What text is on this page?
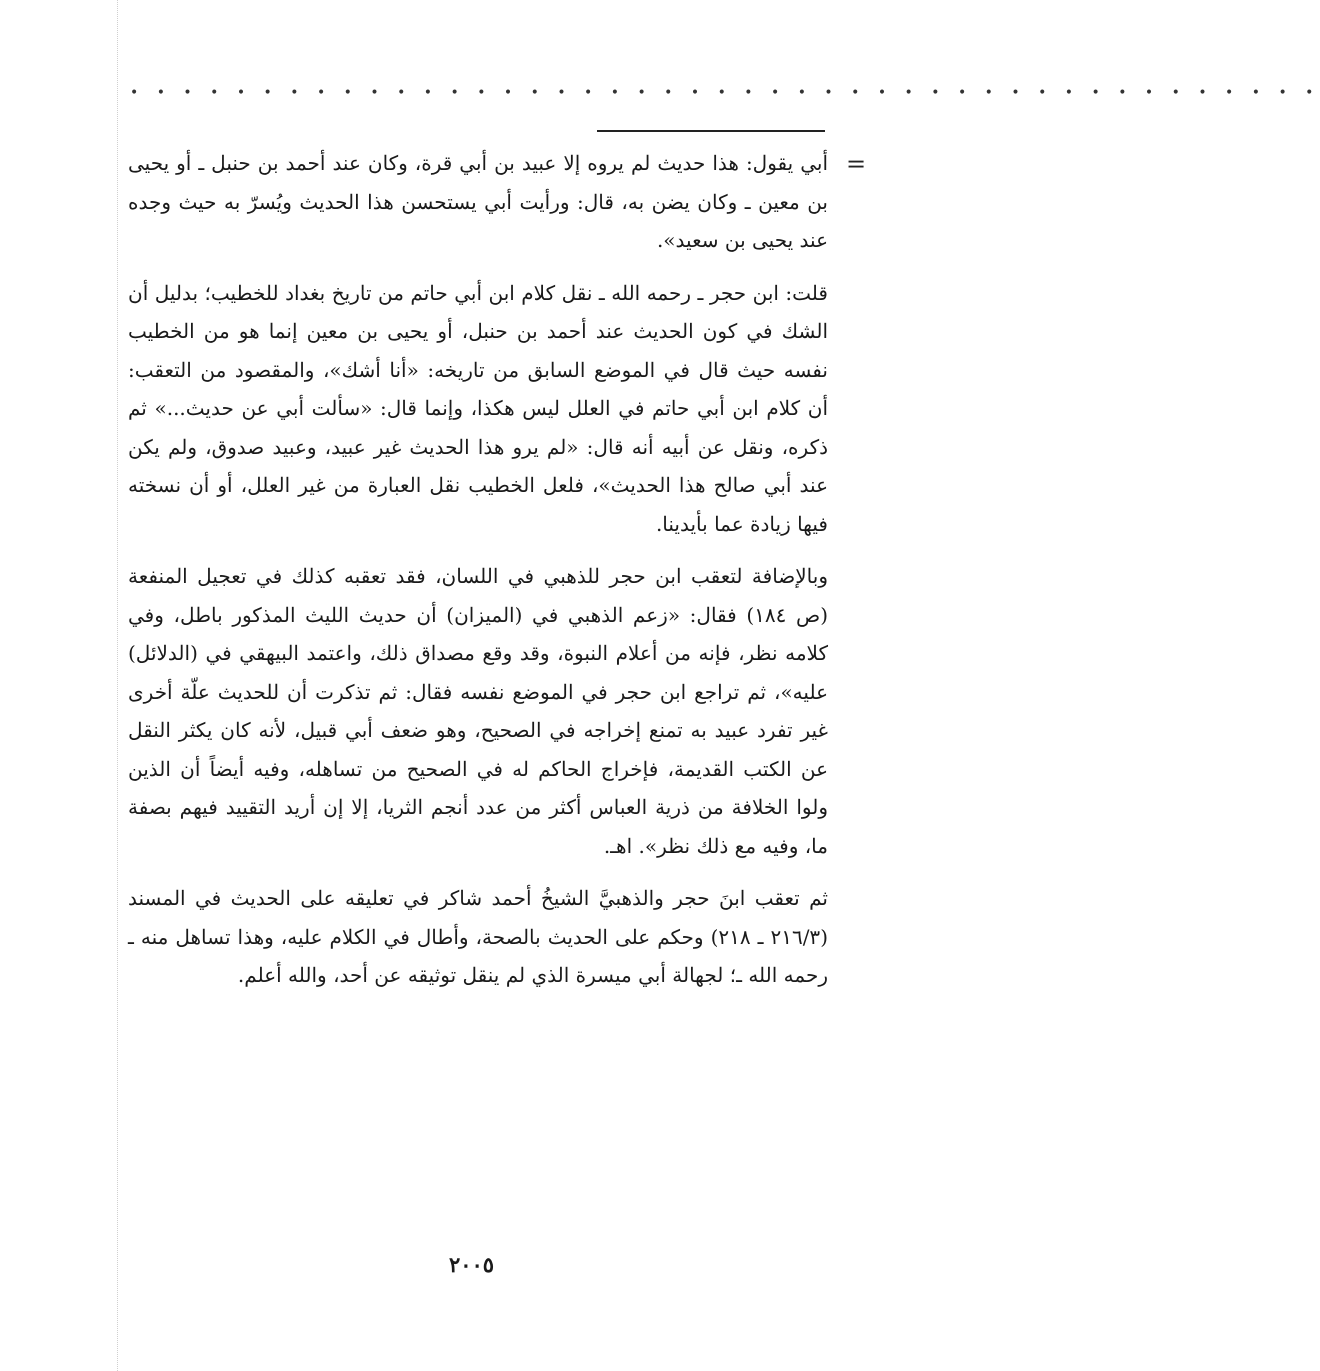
• • • • • • • • • • • • • • • • • • • • • • • • • • • • • • • • • • • • • • • • • • • • •
=

أبي يقول: هذا حديث لم يروه إلا عبيد بن أبي قرة، وكان عند أحمد بن حنبل ـ أو يحيى بن معين ـ وكان يضن به، قال: ورأيت أبي يستحسن هذا الحديث ويُسرّ به حيث وجده عند يحيى بن سعيد».

قلت: ابن حجر ـ رحمه الله ـ نقل كلام ابن أبي حاتم من تاريخ بغداد للخطيب؛ بدليل أن الشك في كون الحديث عند أحمد بن حنبل، أو يحيى بن معين إنما هو من الخطيب نفسه حيث قال في الموضع السابق من تاريخه: «أنا أشك»، والمقصود من التعقب: أن كلام ابن أبي حاتم في العلل ليس هكذا، وإنما قال: «سألت أبي عن حديث...» ثم ذكره، ونقل عن أبيه أنه قال: «لم يرو هذا الحديث غير عبيد، وعبيد صدوق، ولم يكن عند أبي صالح هذا الحديث»، فلعل الخطيب نقل العبارة من غير العلل، أو أن نسخته فيها زيادة عما بأيدينا.

وبالإضافة لتعقب ابن حجر للذهبي في اللسان، فقد تعقبه كذلك في تعجيل المنفعة (ص ١٨٤) فقال: «زعم الذهبي في (الميزان) أن حديث الليث المذكور باطل، وفي كلامه نظر، فإنه من أعلام النبوة، وقد وقع مصداق ذلك، واعتمد البيهقي في (الدلائل) عليه»، ثم تراجع ابن حجر في الموضع نفسه فقال: ثم تذكرت أن للحديث علّة أخرى غير تفرد عبيد به تمنع إخراجه في الصحيح، وهو ضعف أبي قبيل، لأنه كان يكثر النقل عن الكتب القديمة، فإخراج الحاكم له في الصحيح من تساهله، وفيه أيضاً أن الذين ولوا الخلافة من ذرية العباس أكثر من عدد أنجم الثريا، إلا إن أريد التقييد فيهم بصفة ما، وفيه مع ذلك نظر». اهـ.

ثم تعقب ابنَ حجر والذهبيَّ الشيخُ أحمد شاكر في تعليقه على الحديث في المسند (٢١٦/٣ ـ ٢١٨) وحكم على الحديث بالصحة، وأطال في الكلام عليه، وهذا تساهل منه ـ رحمه الله ـ؛ لجهالة أبي ميسرة الذي لم ينقل توثيقه عن أحد، والله أعلم.

٢٠٠٥
